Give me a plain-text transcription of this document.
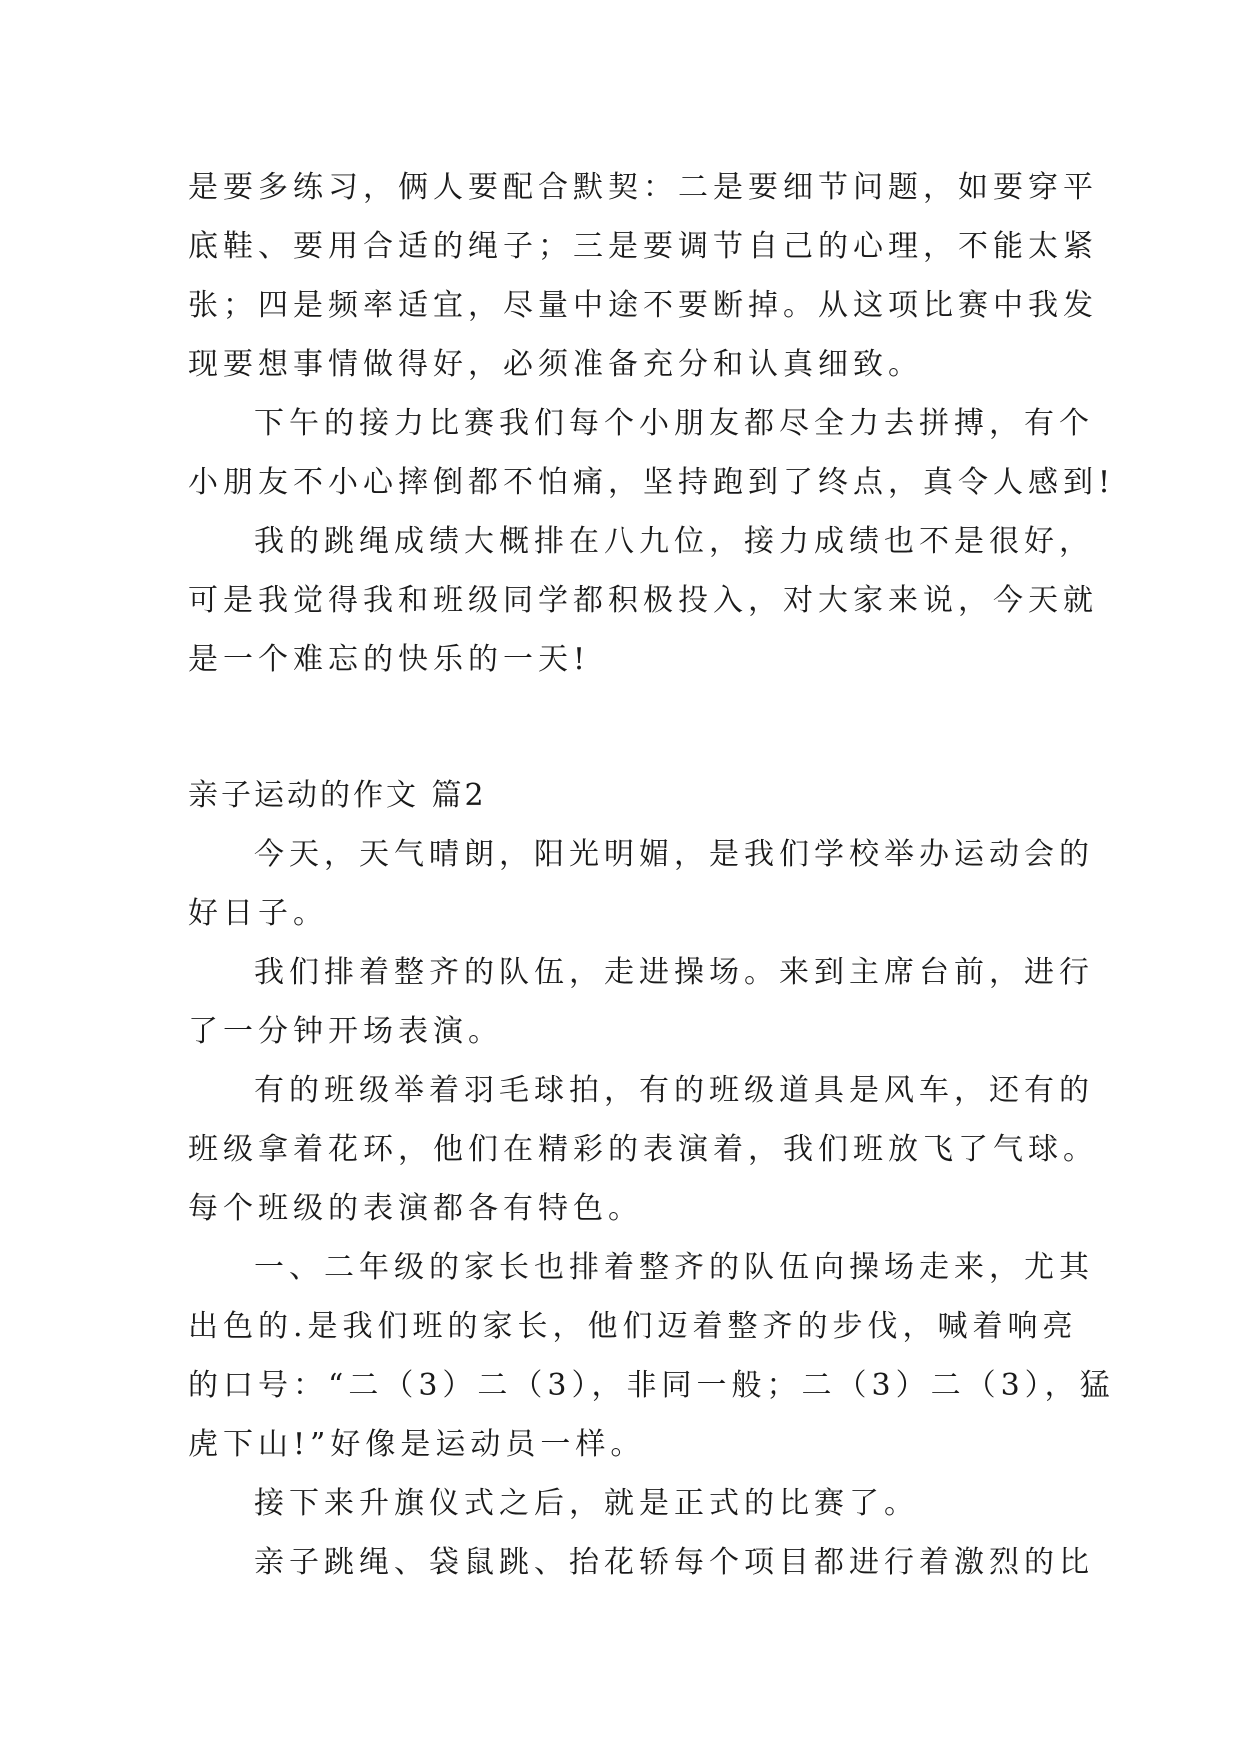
是要多练习，俩人要配合默契：二是要细节问题，如要穿平
底鞋、要用合适的绳子；三是要调节自己的心理，不能太紧
张；四是频率适宜，尽量中途不要断掉。从这项比赛中我发
现要想事情做得好，必须准备充分和认真细致。
下午的接力比赛我们每个小朋友都尽全力去拼搏，有个
小朋友不小心摔倒都不怕痛，坚持跑到了终点，真令人感到!
我的跳绳成绩大概排在八九位，接力成绩也不是很好，
可是我觉得我和班级同学都积极投入，对大家来说，今天就
是一个难忘的快乐的一天!
亲子运动的作文 篇2
今天，天气晴朗，阳光明媚，是我们学校举办运动会的
好日子。
我们排着整齐的队伍，走进操场。来到主席台前，进行
了一分钟开场表演。
有的班级举着羽毛球拍，有的班级道具是风车，还有的
班级拿着花环，他们在精彩的表演着，我们班放飞了气球。
每个班级的表演都各有特色。
一、二年级的家长也排着整齐的队伍向操场走来，尤其
出色的.是我们班的家长，他们迈着整齐的步伐，喊着响亮
的口号：“二（3）二（3），非同一般；二（3）二（3），猛
虎下山!”好像是运动员一样。
接下来升旗仪式之后，就是正式的比赛了。
亲子跳绳、袋鼠跳、抬花轿每个项目都进行着激烈的比
